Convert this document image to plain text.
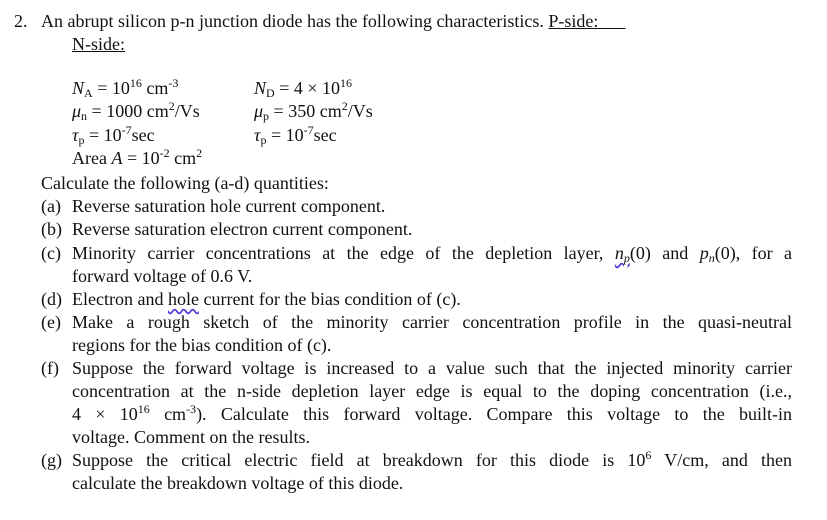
2. An abrupt silicon p-n junction diode has the following characteristics. P-side:  
N-side:
$N_A = 10^{16}$ $cm^{-3}$
$\mu_n = 1000$ $cm^2/Vs$
$\tau_p = 10^{-7}\sec$
Area $A = 10^{-2}$ $cm^2$
$N_D = 4 \times 10^{16}$
$\mu_p = 350$ $cm^2/Vs$
$\tau_p = 10^{-7}\sec$
Calculate the following (a-d) quantities:
(a) Reverse saturation hole current component.
(b) Reverse saturation electron current component.
(c) Minority carrier concentrations at the edge of the depletion layer, $n_p(0)$ and $p_n(0)$, for a
forward voltage of 0.6 V.
(d) Electron and hole current for the bias condition of (c).
(e) Make a rough sketch of the minority carrier concentration profile in the quasi-neutral
regions for the bias condition of (c).
(f) Suppose the forward voltage is increased to a value such that the injected minority carrier
concentration at the n-side depletion layer edge is equal to the doping concentration (i.e.,
$4 \times 10^{16}$ $cm^{-3}$). Calculate this forward voltage. Compare this voltage to the built-in
voltage. Comment on the results.
(g) Suppose the critical electric field at breakdown for this diode is $10^6$ V/cm, and then
calculate the breakdown voltage of this diode.
